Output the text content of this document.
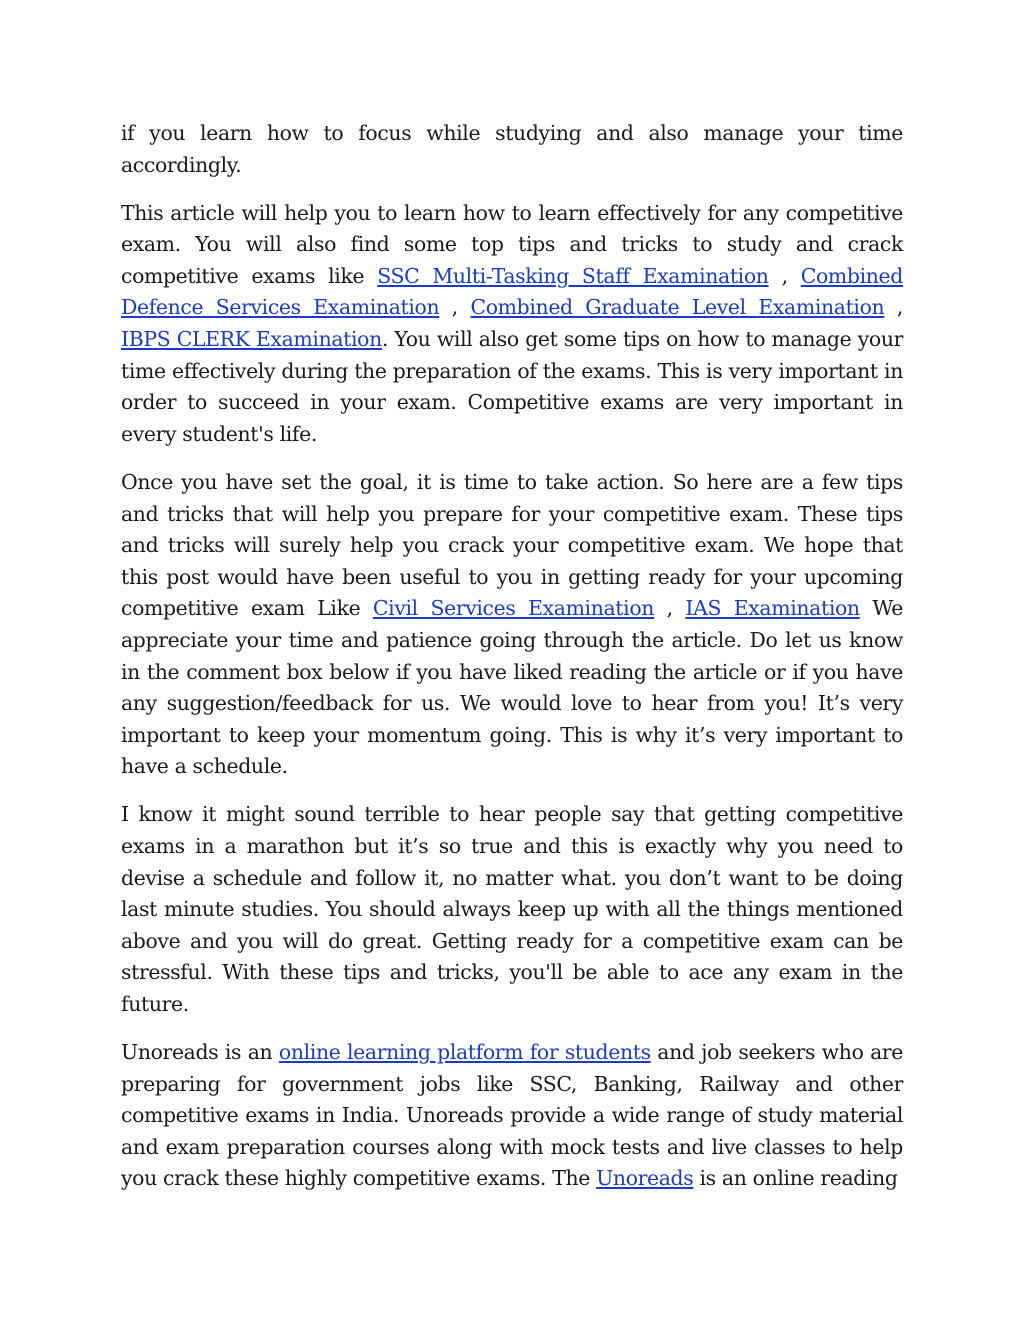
if you learn how to focus while studying and also manage your time accordingly.

This article will help you to learn how to learn effectively for any competitive exam. You will also find some top tips and tricks to study and crack competitive exams like SSC Multi-Tasking Staff Examination , Combined Defence Services Examination , Combined Graduate Level Examination , IBPS CLERK Examination. You will also get some tips on how to manage your time effectively during the preparation of the exams. This is very important in order to succeed in your exam. Competitive exams are very important in every student's life.

Once you have set the goal, it is time to take action. So here are a few tips and tricks that will help you prepare for your competitive exam. These tips and tricks will surely help you crack your competitive exam. We hope that this post would have been useful to you in getting ready for your upcoming competitive exam Like Civil Services Examination , IAS Examination We appreciate your time and patience going through the article. Do let us know in the comment box below if you have liked reading the article or if you have any suggestion/feedback for us. We would love to hear from you! It’s very important to keep your momentum going. This is why it’s very important to have a schedule.

I know it might sound terrible to hear people say that getting competitive exams in a marathon but it’s so true and this is exactly why you need to devise a schedule and follow it, no matter what. you don’t want to be doing last minute studies. You should always keep up with all the things mentioned above and you will do great. Getting ready for a competitive exam can be stressful. With these tips and tricks, you'll be able to ace any exam in the future.

Unoreads is an online learning platform for students and job seekers who are preparing for government jobs like SSC, Banking, Railway and other competitive exams in India. Unoreads provide a wide range of study material and exam preparation courses along with mock tests and live classes to help you crack these highly competitive exams. The Unoreads is an online reading
